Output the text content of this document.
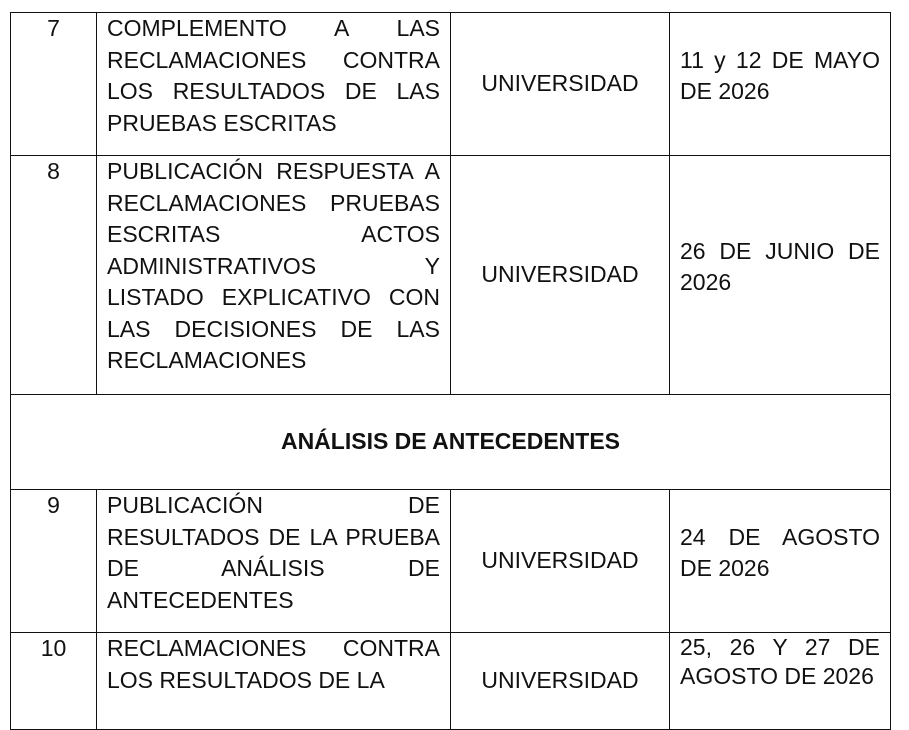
7	COMPLEMENTO A LAS RECLAMACIONES CONTRA LOS RESULTADOS DE LAS PRUEBAS ESCRITAS	UNIVERSIDAD	11 y 12 DE MAYO DE 2026
8	PUBLICACIÓN RESPUESTA A RECLAMACIONES PRUEBAS ESCRITAS ACTOS ADMINISTRATIVOS Y LISTADO EXPLICATIVO CON LAS DECISIONES DE LAS RECLAMACIONES	UNIVERSIDAD	26 DE JUNIO DE 2026
ANÁLISIS DE ANTECEDENTES			
9	PUBLICACIÓN DE RESULTADOS DE LA PRUEBA DE ANÁLISIS DE ANTECEDENTES	UNIVERSIDAD	24 DE AGOSTO DE 2026
10	RECLAMACIONES CONTRA LOS RESULTADOS DE LA	UNIVERSIDAD	25, 26 Y 27 DE AGOSTO DE 2026
